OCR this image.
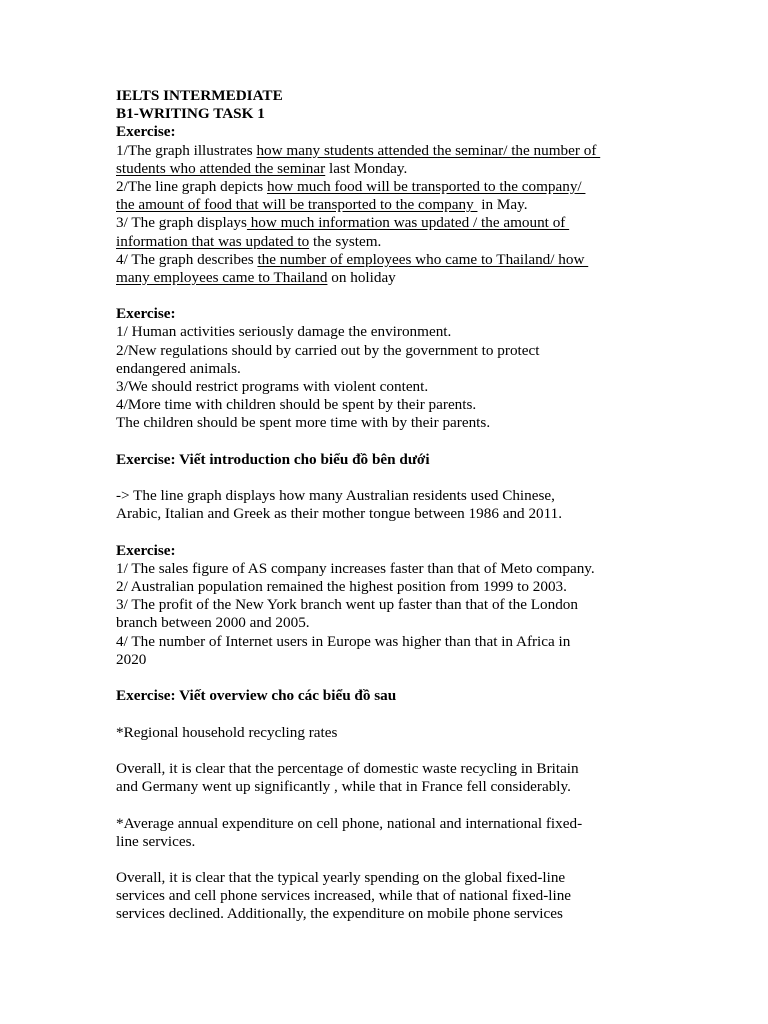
IELTS INTERMEDIATE
B1-WRITING TASK 1
Exercise:
1/The graph illustrates how many students attended the seminar/ the number of
students who attended the seminar last Monday.
2/The line graph depicts how much food will be transported to the company/
the amount of food that will be transported to the company  in May.
3/ The graph displays how much information was updated / the amount of
information that was updated to the system.
4/ The graph describes the number of employees who came to Thailand/ how
many employees came to Thailand on holiday
Exercise:
1/ Human activities seriously damage the environment.
2/New regulations should by carried out by the government to protect
endangered animals.
3/We should restrict programs with violent content.
4/More time with children should be spent by their parents.
The children should be spent more time with by their parents.
Exercise: Viết introduction cho biểu đồ bên dưới
-> The line graph displays how many Australian residents used Chinese,
Arabic, Italian and Greek as their mother tongue between 1986 and 2011.
Exercise:
1/ The sales figure of AS company increases faster than that of Meto company.
2/ Australian population remained the highest position from 1999 to 2003.
3/ The profit of the New York branch went up faster than that of the London
branch between 2000 and 2005.
4/ The number of Internet users in Europe was higher than that in Africa in
2020
Exercise: Viết overview cho các biểu đồ sau
*Regional household recycling rates
Overall, it is clear that the percentage of domestic waste recycling in Britain
and Germany went up significantly , while that in France fell considerably.
*Average annual expenditure on cell phone, national and international fixed-
line services.
Overall, it is clear that the typical yearly spending on the global fixed-line
services and cell phone services increased, while that of national fixed-line
services declined. Additionally, the expenditure on mobile phone services
